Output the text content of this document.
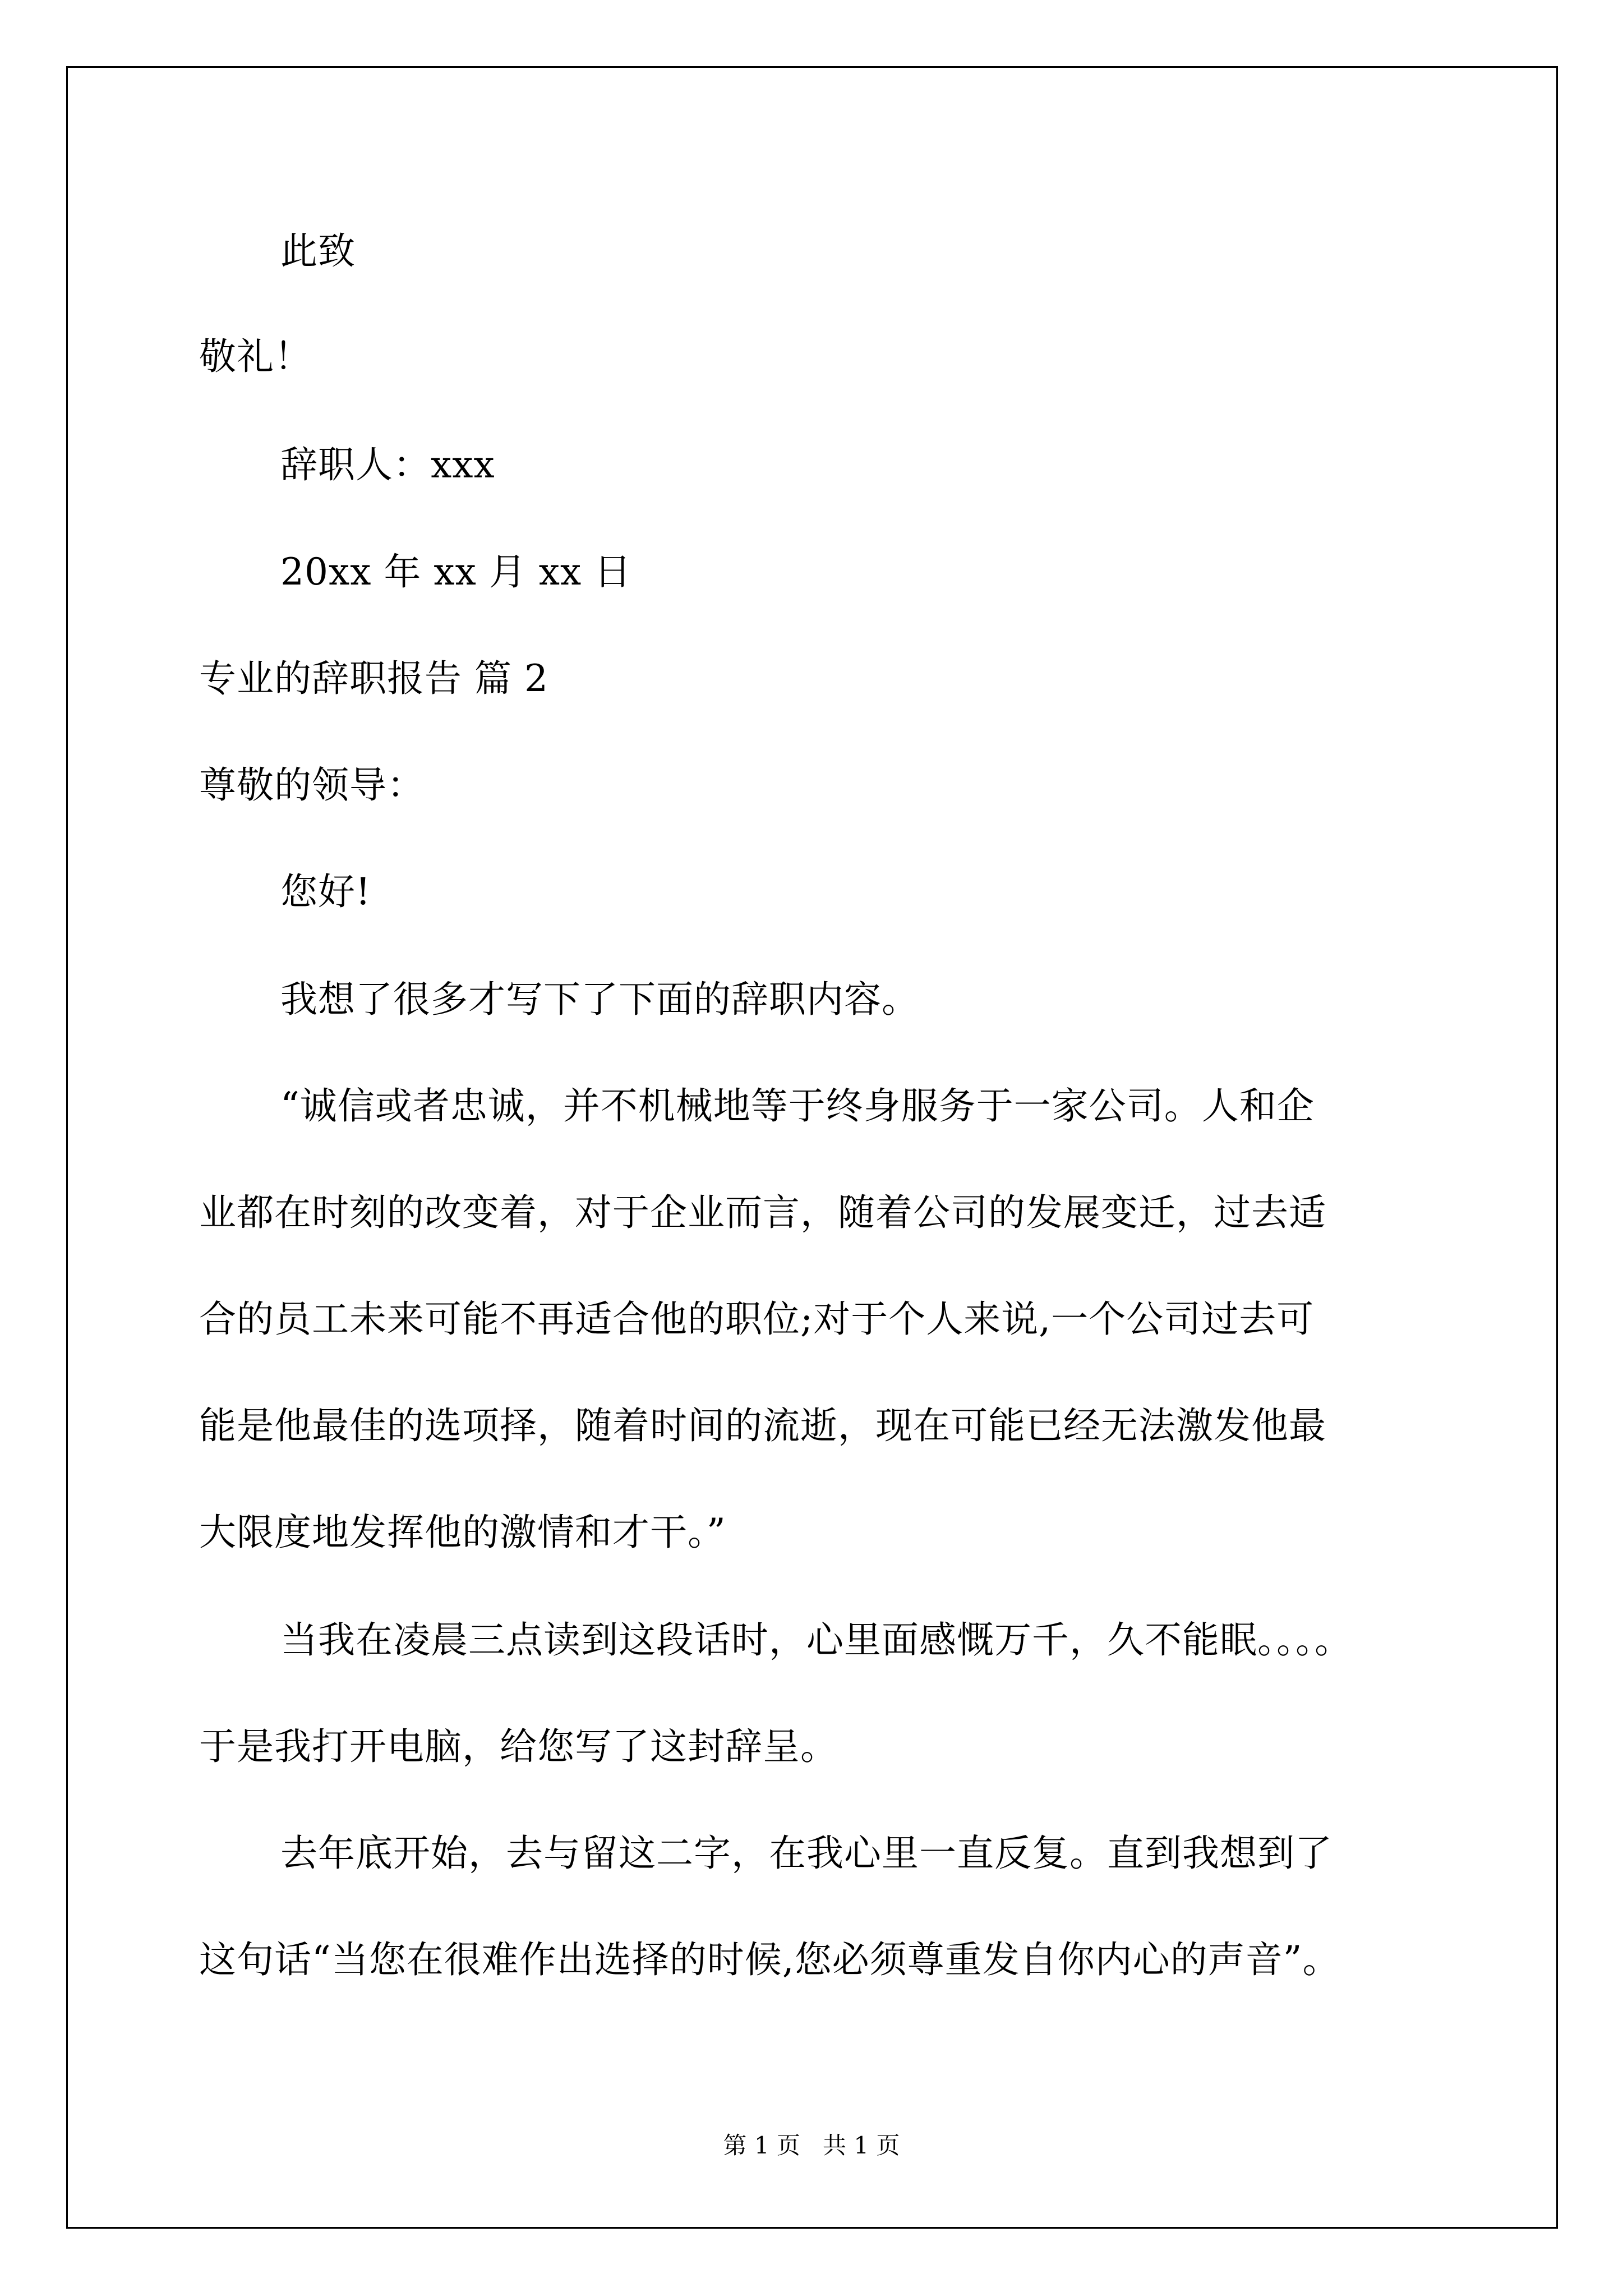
此致
敬礼！
辞职人：xxx
20xx 年 xx 月 xx 日
专业的辞职报告 篇 2
尊敬的领导：
您好!
我想了很多才写下了下面的辞职内容。
“诚信或者忠诚，并不机械地等于终身服务于一家公司。人和企
业都在时刻的改变着，对于企业而言，随着公司的发展变迁，过去适
合的员工未来可能不再适合他的职位;对于个人来说,一个公司过去可
能是他最佳的选项择，随着时间的流逝，现在可能已经无法激发他最
大限度地发挥他的激情和才干。”
当我在凌晨三点读到这段话时，心里面感慨万千，久不能眠。。。。
于是我打开电脑，给您写了这封辞呈。
去年底开始，去与留这二字，在我心里一直反复。直到我想到了
这句话“当您在很难作出选择的时候,您必须尊重发自你内心的声音”。
第 1 页   共 1 页
